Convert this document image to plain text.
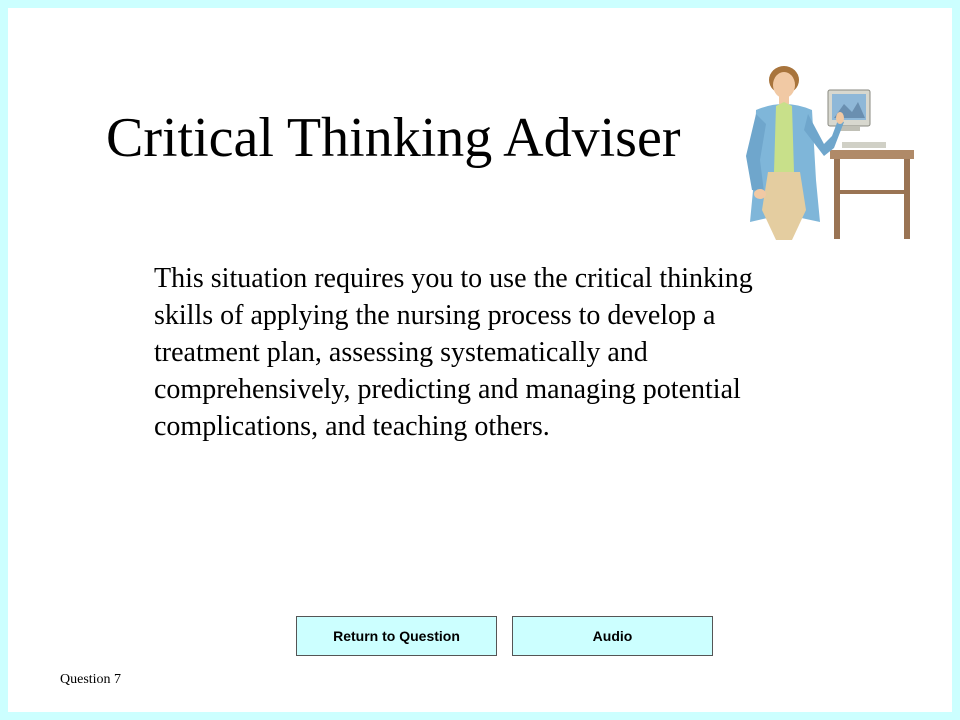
Critical Thinking Adviser

This situation requires you to use the critical thinking skills of applying the nursing process to develop a treatment plan, assessing systematically and comprehensively, predicting and managing potential complications, and teaching others.

Return to Question	Audio
Question 7
